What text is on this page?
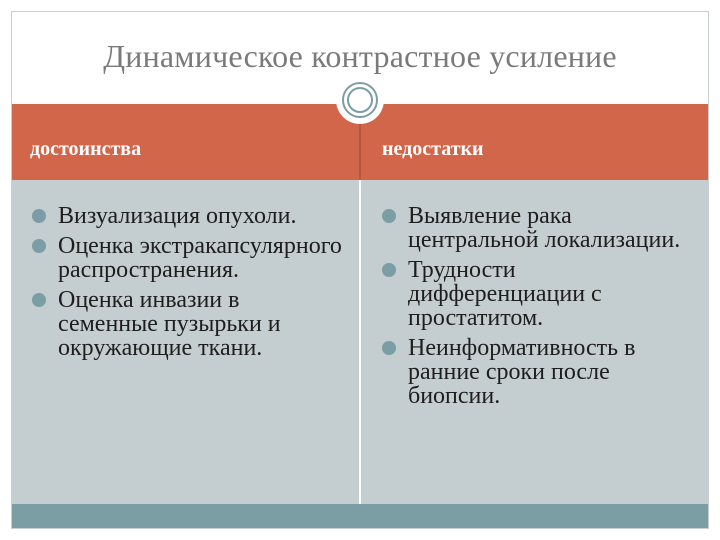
Динамическое контрастное усиление
достоинства	недостатки
Визуализация опухоли.
Оценка экстракапсулярного распространения.
Оценка инвазии в семенные пузырьки и окружающие ткани.
Выявление рака центральной локализации.
Трудности дифференциации с простатитом.
Неинформативность в ранние сроки после биопсии.
